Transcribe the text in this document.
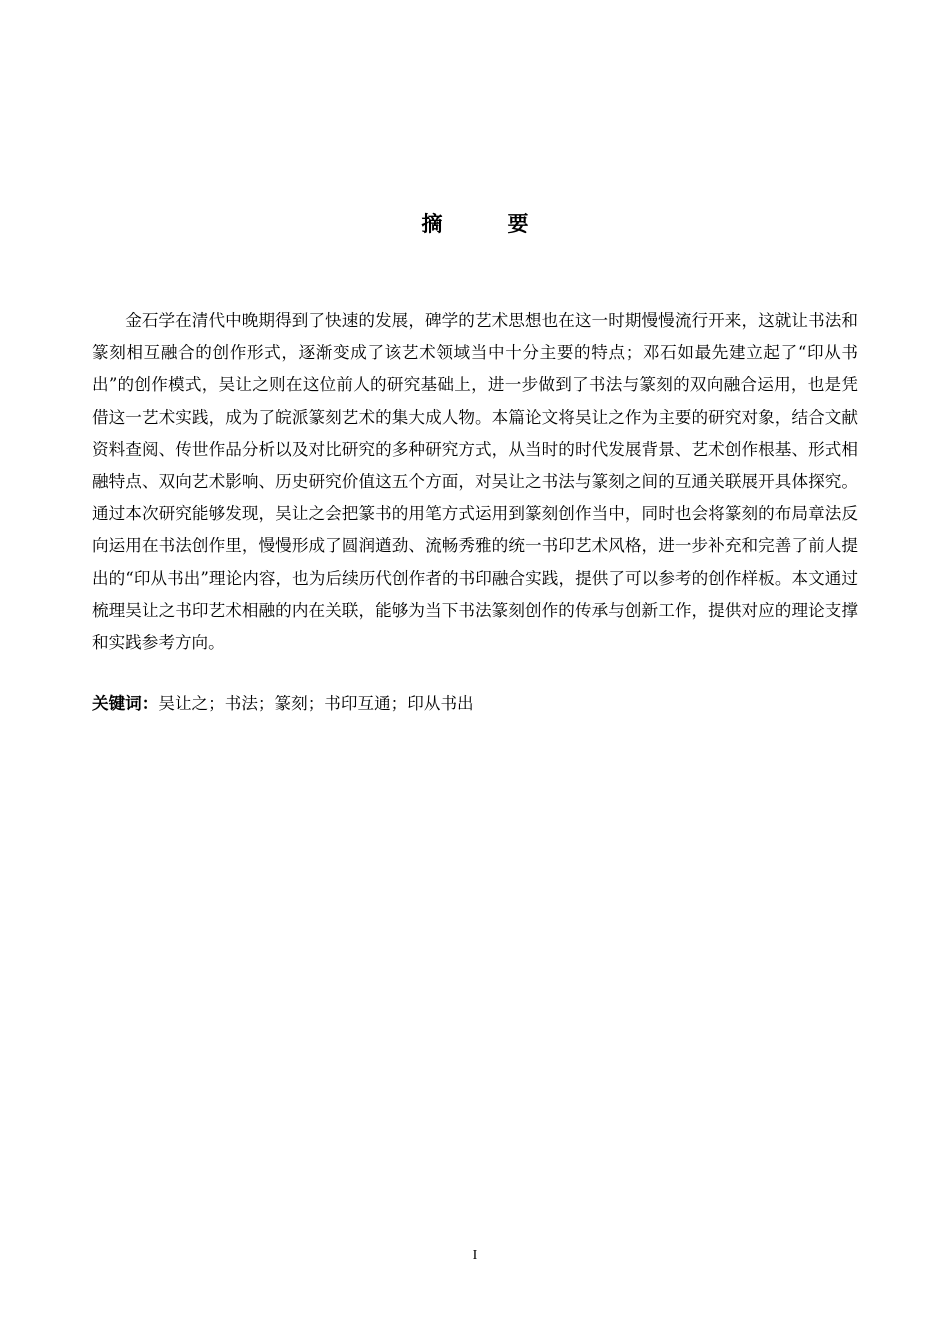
摘　要

金石学在清代中晚期得到了快速的发展，碑学的艺术思想也在这一时期慢慢流行开来，这就让书法和篆刻相互融合的创作形式，逐渐变成了该艺术领域当中十分主要的特点；邓石如最先建立起了“印从书出”的创作模式，吴让之则在这位前人的研究基础上，进一步做到了书法与篆刻的双向融合运用，也是凭借这一艺术实践，成为了皖派篆刻艺术的集大成人物。本篇论文将吴让之作为主要的研究对象，结合文献资料查阅、传世作品分析以及对比研究的多种研究方式，从当时的时代发展背景、艺术创作根基、形式相融特点、双向艺术影响、历史研究价值这五个方面，对吴让之书法与篆刻之间的互通关联展开具体探究。通过本次研究能够发现，吴让之会把篆书的用笔方式运用到篆刻创作当中，同时也会将篆刻的布局章法反向运用在书法创作里，慢慢形成了圆润遒劲、流畅秀雅的统一书印艺术风格，进一步补充和完善了前人提出的“印从书出”理论内容，也为后续历代创作者的书印融合实践，提供了可以参考的创作样板。本文通过梳理吴让之书印艺术相融的内在关联，能够为当下书法篆刻创作的传承与创新工作，提供对应的理论支撑和实践参考方向。

关键词：吴让之；书法；篆刻；书印互通；印从书出

I
